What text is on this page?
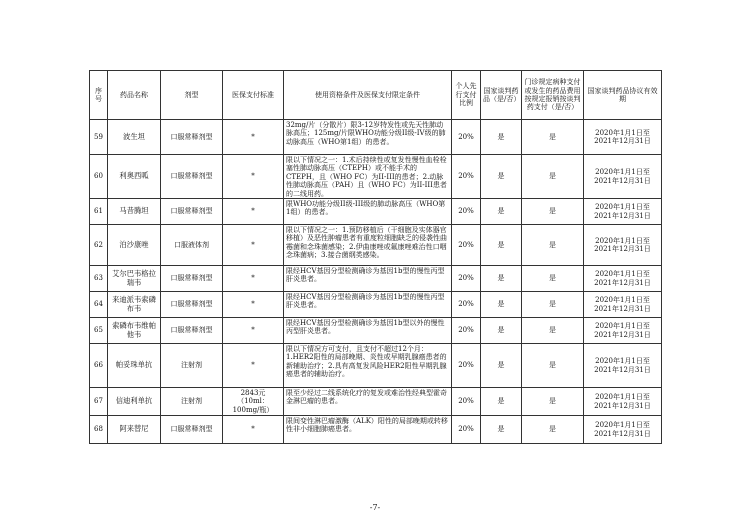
序号	药品名称	剂型	医保支付标准	使用资格条件及医保支付限定条件	个人先行支付比例	国家谈判药品（是/否）	门诊规定病种支付或发生的药品费用按规定报销按谈判药支付（是/否）	国家谈判药品协议有效期
59	波生坦	口服常释剂型	*	32mg/片（分散片）限3-12岁特发性或先天性肺动脉高压；125mg/片限WHO功能分级II级-IV级的肺动脉高压（WHO第1组）的患者。	20%	是	是	2020年1月1日至
2021年12月31日

60	利奥西呱	口服常释剂型	*	限以下情况之一：1.术后持续性或复发性慢性血栓栓塞性肺动脉高压（CTEPH）或不能手术的CTEPH，且（WHO FC）为II-III的患者；2.动脉性肺动脉高压（PAH）且（WHO FC）为II-III患者的二线用药。	20%	是	是	2020年1月1日至
2021年12月31日

61	马昔腾坦	口服常释剂型	*	限WHO功能分级II级-III级的肺动脉高压（WHO第1组）的患者。	20%	是	是	2020年1月1日至
2021年12月31日

62	泊沙康唑	口服液体剂	*	限以下情况之一：1.预防移植后（干细胞及实体器官移植）及恶性肿瘤患者有重度粒细胞缺乏的侵袭性曲霉菌和念珠菌感染；2.伊曲康唑或氟康唑难治性口咽念珠菌病；3.接合菌纲类感染。	20%	是	是	2020年1月1日至
2021年12月31日

63	艾尔巴韦格拉瑞韦	口服常释剂型	*	限经HCV基因分型检测确诊为基因1b型的慢性丙型肝炎患者。	20%	是	是	2020年1月1日至
2021年12月31日

64	来迪派韦索磷布韦	口服常释剂型	*	限经HCV基因分型检测确诊为基因1b型的慢性丙型肝炎患者。	20%	是	是	2020年1月1日至
2021年12月31日

65	索磷布韦维帕他韦	口服常释剂型	*	限经HCV基因分型检测确诊为基因1b型以外的慢性丙型肝炎患者。	20%	是	是	2020年1月1日至
2021年12月31日

66	帕妥珠单抗	注射剂	*	限以下情况方可支付，且支付不超过12个月：1.HER2阳性的局部晚期、炎性或早期乳腺癌患者的新辅助治疗；2.具有高复发风险HER2阳性早期乳腺癌患者的辅助治疗。	20%	是	是	2020年1月1日至
2021年12月31日

67	信迪利单抗	注射剂	2843元
（10ml：100mg/瓶）	限至少经过二线系统化疗的复发或难治性经典型霍奇金淋巴瘤的患者。	20%	是	是	2020年1月1日至
2021年12月31日

68	阿来替尼	口服常释剂型	*	限间变性淋巴瘤激酶（ALK）阳性的局部晚期或转移性非小细胞肺癌患者。	20%	是	是	2020年1月1日至
2021年12月31日
-7-
